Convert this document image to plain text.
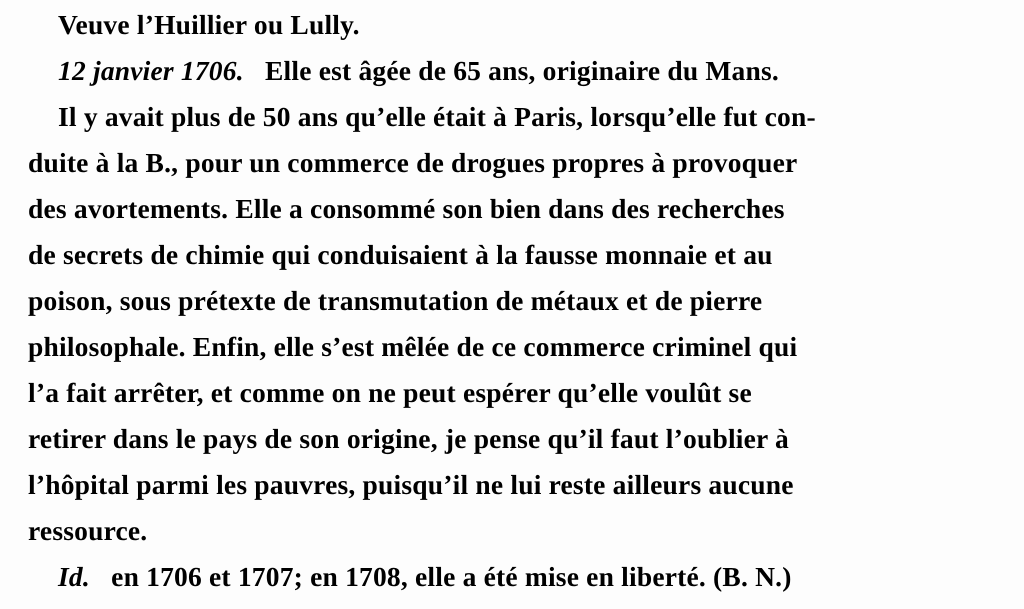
Veuve l’Huillier ou Lully.
12 janvier 1706. Elle est âgée de 65 ans, originaire du Mans.
Il y avait plus de 50 ans qu’elle était à Paris, lorsqu’elle fut con-
duite à la B., pour un commerce de drogues propres à provoquer
des avortements. Elle a consommé son bien dans des recherches
de secrets de chimie qui conduisaient à la fausse monnaie et au
poison, sous prétexte de transmutation de métaux et de pierre
philosophale. Enfin, elle s’est mêlée de ce commerce criminel qui
l’a fait arrêter, et comme on ne peut espérer qu’elle voulût se
retirer dans le pays de son origine, je pense qu’il faut l’oublier à
l’hôpital parmi les pauvres, puisqu’il ne lui reste ailleurs aucune
ressource.
Id. en 1706 et 1707; en 1708, elle a été mise en liberté. (B. N.)
